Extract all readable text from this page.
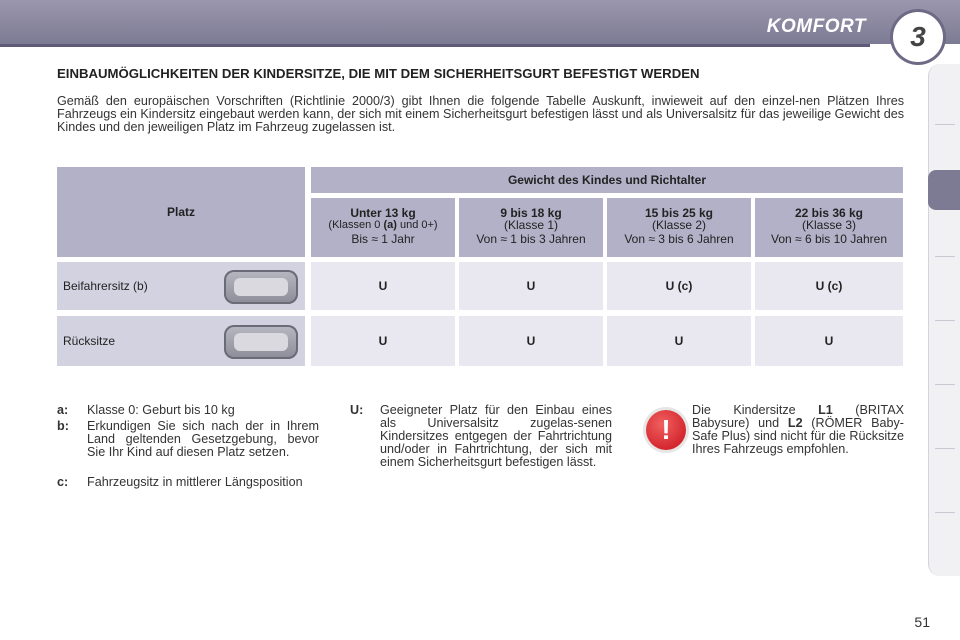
KOMFORT	3
EINBAUMÖGLICHKEITEN DER KINDERSITZE, DIE MIT DEM SICHERHEITSGURT BEFESTIGT WERDEN
Gemäß den europäischen Vorschriften (Richtlinie 2000/3) gibt Ihnen die folgende Tabelle Auskunft, inwieweit auf den einzel-nen Plätzen Ihres Fahrzeugs ein Kindersitz eingebaut werden kann, der sich mit einem Sicherheitsgurt befestigen lässt und als Universalsitz für das jeweilige Gewicht des Kindes und den jeweiligen Platz im Fahrzeug zugelassen ist.
Platz
Gewicht des Kindes und Richtalter
Unter 13 kg
(Klassen 0 (a) und 0+)
Bis ≈ 1 Jahr
9 bis 18 kg
(Klasse 1)
Von ≈ 1 bis 3 Jahren
15 bis 25 kg
(Klasse 2)
Von ≈ 3 bis 6 Jahren
22 bis 36 kg
(Klasse 3)
Von ≈ 6 bis 10 Jahren
Beifahrersitz (b)	U	U	U (c)	U (c)
Rücksitze	U	U	U	U
a: Klasse 0: Geburt bis 10 kg
b: Erkundigen Sie sich nach der in Ihrem Land geltenden Gesetzgebung, bevor Sie Ihr Kind auf diesen Platz setzen.
c: Fahrzeugsitz in mittlerer Längsposition
U: Geeigneter Platz für den Einbau eines als Universalsitz zugelas-senen Kindersitzes entgegen der Fahrtrichtung und/oder in Fahrtrichtung, der sich mit einem Sicherheitsgurt befestigen lässt.
!
Die Kindersitze L1 (BRITAX Babysure) und L2 (RÖMER Baby-Safe Plus) sind nicht für die Rücksitze Ihres Fahrzeugs empfohlen.
51
